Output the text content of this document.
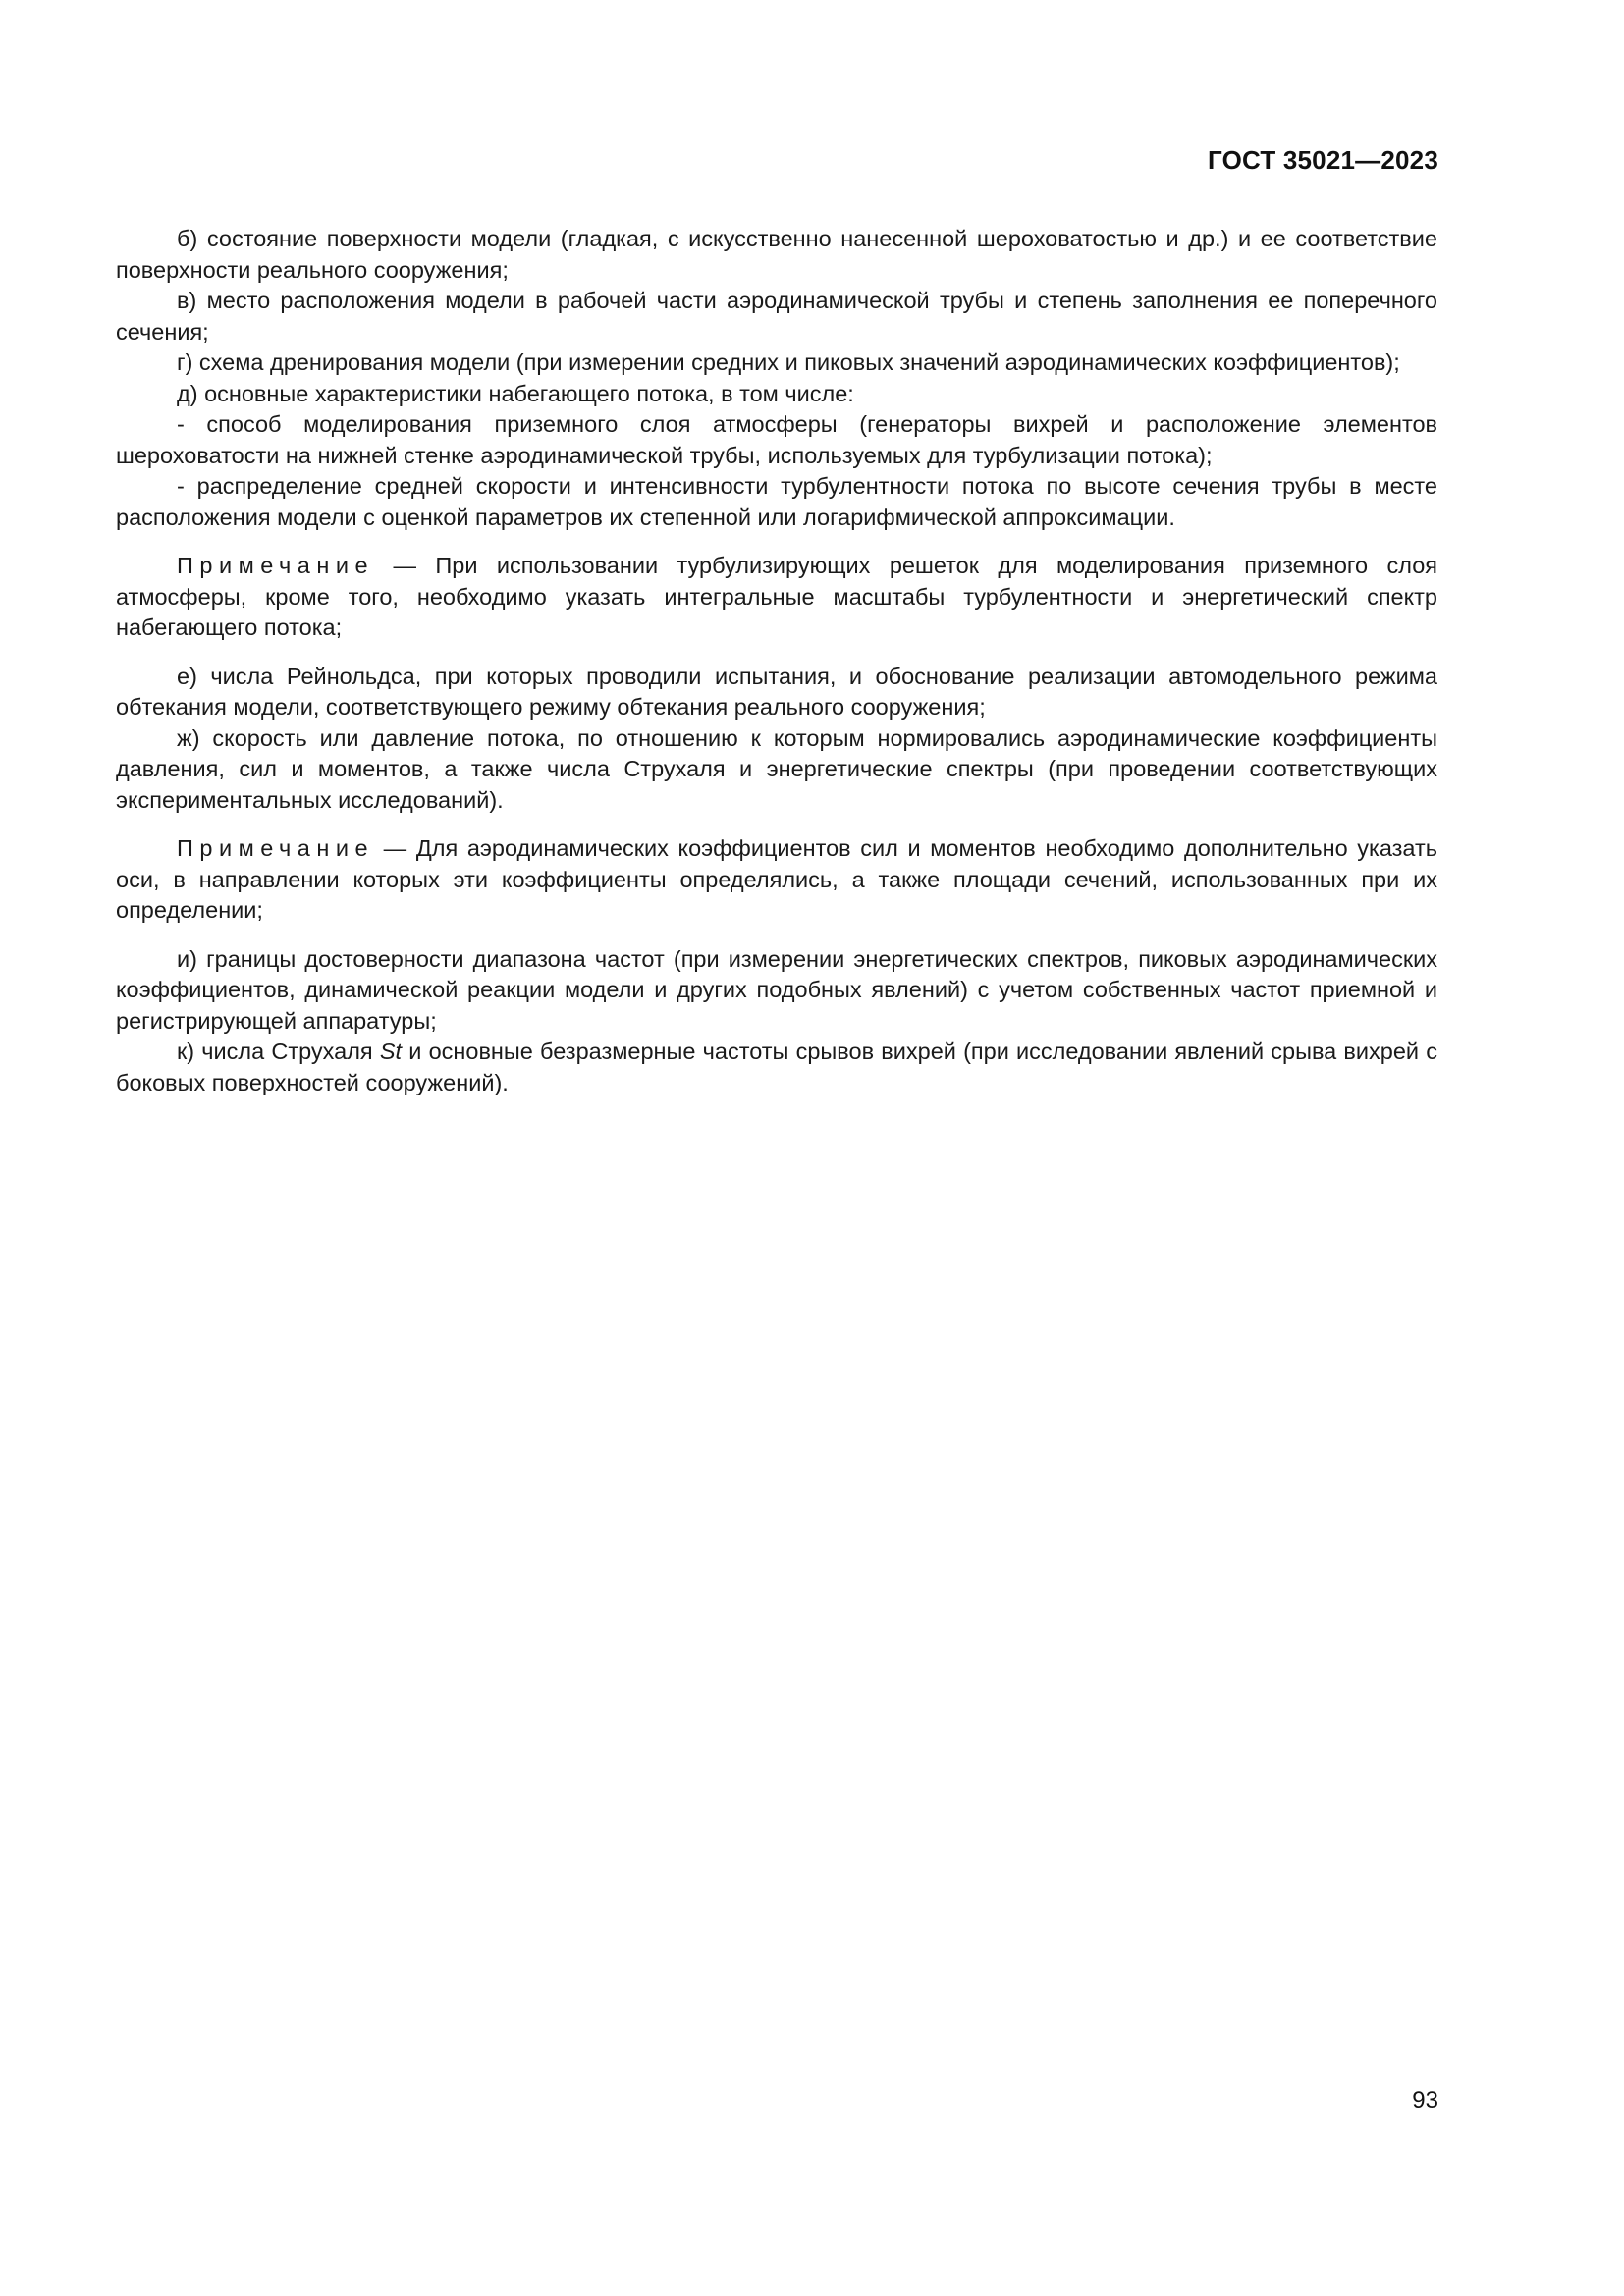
ГОСТ 35021—2023

б) состояние поверхности модели (гладкая, с искусственно нанесенной шероховатостью и др.) и ее соответствие поверхности реального сооружения;

в) место расположения модели в рабочей части аэродинамической трубы и степень заполнения ее поперечного сечения;

г) схема дренирования модели (при измерении средних и пиковых значений аэродинамических коэффициентов);

д) основные характеристики набегающего потока, в том числе:

- способ моделирования приземного слоя атмосферы (генераторы вихрей и расположение элементов шероховатости на нижней стенке аэродинамической трубы, используемых для турбулизации потока);

- распределение средней скорости и интенсивности турбулентности потока по высоте сечения трубы в месте расположения модели с оценкой параметров их степенной или логарифмической аппроксимации.

Примечание — При использовании турбулизирующих решеток для моделирования приземного слоя атмосферы, кроме того, необходимо указать интегральные масштабы турбулентности и энергетический спектр набегающего потока;

е) числа Рейнольдса, при которых проводили испытания, и обоснование реализации автомодельного режима обтекания модели, соответствующего режиму обтекания реального сооружения;

ж) скорость или давление потока, по отношению к которым нормировались аэродинамические коэффициенты давления, сил и моментов, а также числа Струхаля и энергетические спектры (при проведении соответствующих экспериментальных исследований).

Примечание — Для аэродинамических коэффициентов сил и моментов необходимо дополнительно указать оси, в направлении которых эти коэффициенты определялись, а также площади сечений, использованных при их определении;

и) границы достоверности диапазона частот (при измерении энергетических спектров, пиковых аэродинамических коэффициентов, динамической реакции модели и других подобных явлений) с учетом собственных частот приемной и регистрирующей аппаратуры;

к) числа Струхаля St и основные безразмерные частоты срывов вихрей (при исследовании явлений срыва вихрей с боковых поверхностей сооружений).

93
